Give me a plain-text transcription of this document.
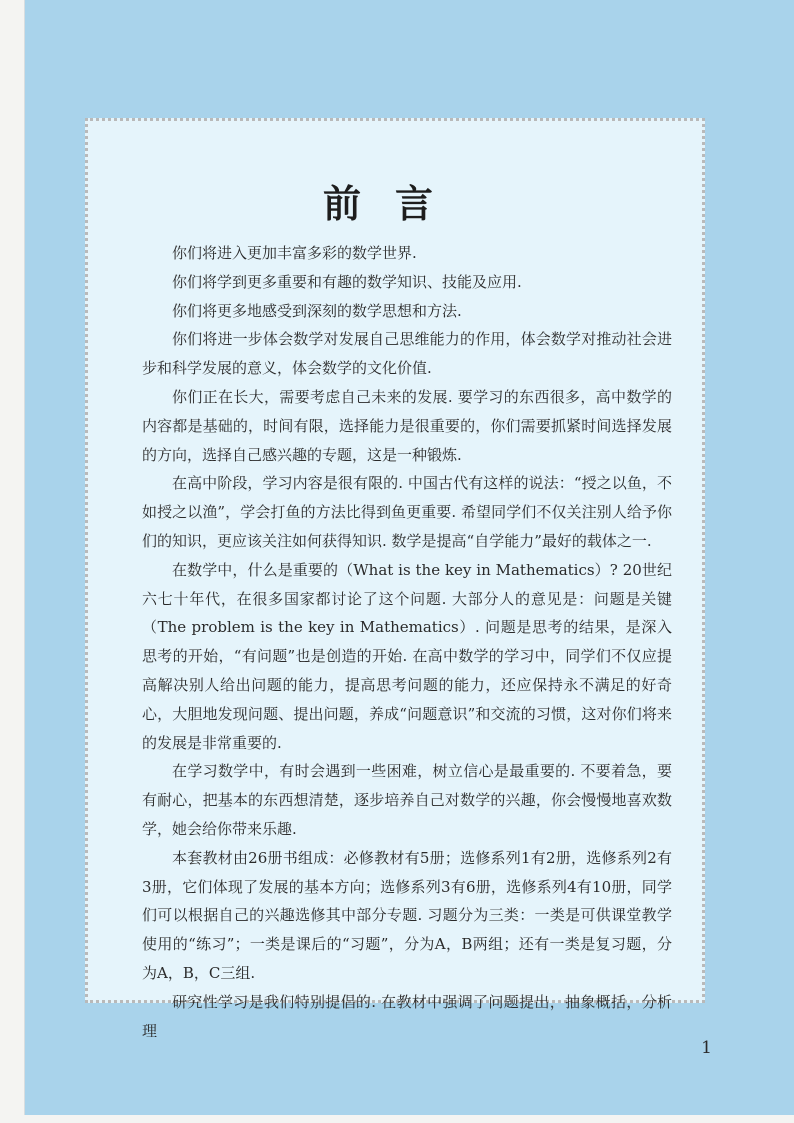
前言

你们将进入更加丰富多彩的数学世界.

你们将学到更多重要和有趣的数学知识、技能及应用.

你们将更多地感受到深刻的数学思想和方法.

你们将进一步体会数学对发展自己思维能力的作用，体会数学对推动社会进步和科学发展的意义，体会数学的文化价值.

你们正在长大，需要考虑自己未来的发展. 要学习的东西很多，高中数学的内容都是基础的，时间有限，选择能力是很重要的，你们需要抓紧时间选择发展的方向，选择自己感兴趣的专题，这是一种锻炼.

在高中阶段，学习内容是很有限的. 中国古代有这样的说法：“授之以鱼，不如授之以渔”，学会打鱼的方法比得到鱼更重要. 希望同学们不仅关注别人给予你们的知识，更应该关注如何获得知识. 数学是提高“自学能力”最好的载体之一.

在数学中，什么是重要的（What is the key in Mathematics）? 20世纪六七十年代，在很多国家都讨论了这个问题. 大部分人的意见是：问题是关键（The problem is the key in Mathematics）. 问题是思考的结果，是深入思考的开始，“有问题”也是创造的开始. 在高中数学的学习中，同学们不仅应提高解决别人给出问题的能力，提高思考问题的能力，还应保持永不满足的好奇心，大胆地发现问题、提出问题，养成“问题意识”和交流的习惯，这对你们将来的发展是非常重要的.

在学习数学中，有时会遇到一些困难，树立信心是最重要的. 不要着急，要有耐心，把基本的东西想清楚，逐步培养自己对数学的兴趣，你会慢慢地喜欢数学，她会给你带来乐趣.

本套教材由26册书组成：必修教材有5册；选修系列1有2册，选修系列2有3册，它们体现了发展的基本方向；选修系列3有6册，选修系列4有10册，同学们可以根据自己的兴趣选修其中部分专题. 习题分为三类：一类是可供课堂教学使用的“练习”；一类是课后的“习题”，分为A，B两组；还有一类是复习题，分为A，B，C三组.

研究性学习是我们特别提倡的. 在教材中强调了问题提出，抽象概括，分析理

1
